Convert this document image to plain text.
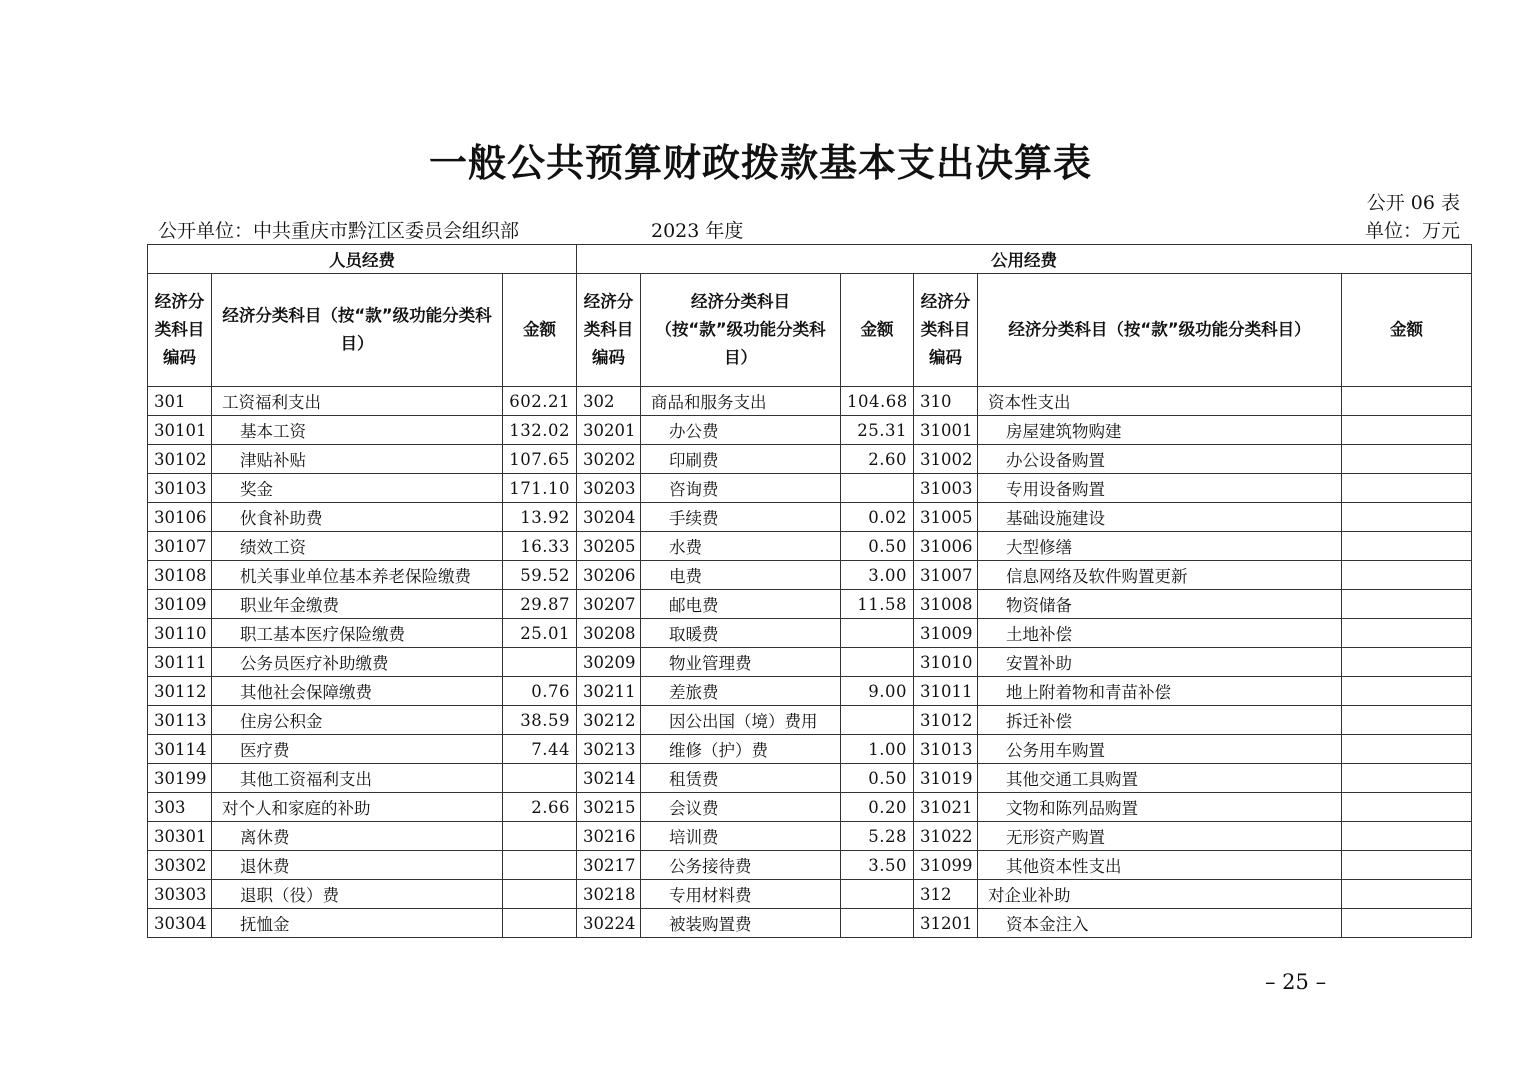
一般公共预算财政拨款基本支出决算表
公开 06 表
公开单位：中共重庆市黔江区委员会组织部	2023 年度	单位：万元
人员经费			公用经费					
经济分类科目编码	经济分类科目（按“款”级功能分类科目）	金额	经济分类科目编码	经济分类科目（按“款”级功能分类科目）	金额	经济分类科目编码	经济分类科目（按“款”级功能分类科目）	金额
301	工资福利支出	602.21	302	商品和服务支出	104.68	310	资本性支出	
30101	基本工资	132.02	30201	办公费	25.31	31001	房屋建筑物购建	
30102	津贴补贴	107.65	30202	印刷费	2.60	31002	办公设备购置	
30103	奖金	171.10	30203	咨询费		31003	专用设备购置	
30106	伙食补助费	13.92	30204	手续费	0.02	31005	基础设施建设	
30107	绩效工资	16.33	30205	水费	0.50	31006	大型修缮	
30108	机关事业单位基本养老保险缴费	59.52	30206	电费	3.00	31007	信息网络及软件购置更新	
30109	职业年金缴费	29.87	30207	邮电费	11.58	31008	物资储备	
30110	职工基本医疗保险缴费	25.01	30208	取暖费		31009	土地补偿	
30111	公务员医疗补助缴费		30209	物业管理费		31010	安置补助	
30112	其他社会保障缴费	0.76	30211	差旅费	9.00	31011	地上附着物和青苗补偿	
30113	住房公积金	38.59	30212	因公出国（境）费用		31012	拆迁补偿	
30114	医疗费	7.44	30213	维修（护）费	1.00	31013	公务用车购置	
30199	其他工资福利支出		30214	租赁费	0.50	31019	其他交通工具购置	
303	对个人和家庭的补助	2.66	30215	会议费	0.20	31021	文物和陈列品购置	
30301	离休费		30216	培训费	5.28	31022	无形资产购置	
30302	退休费		30217	公务接待费	3.50	31099	其他资本性支出	
30303	退职（役）费		30218	专用材料费		312	对企业补助	
30304	抚恤金		30224	被装购置费		31201	资本金注入	
– 25 –
